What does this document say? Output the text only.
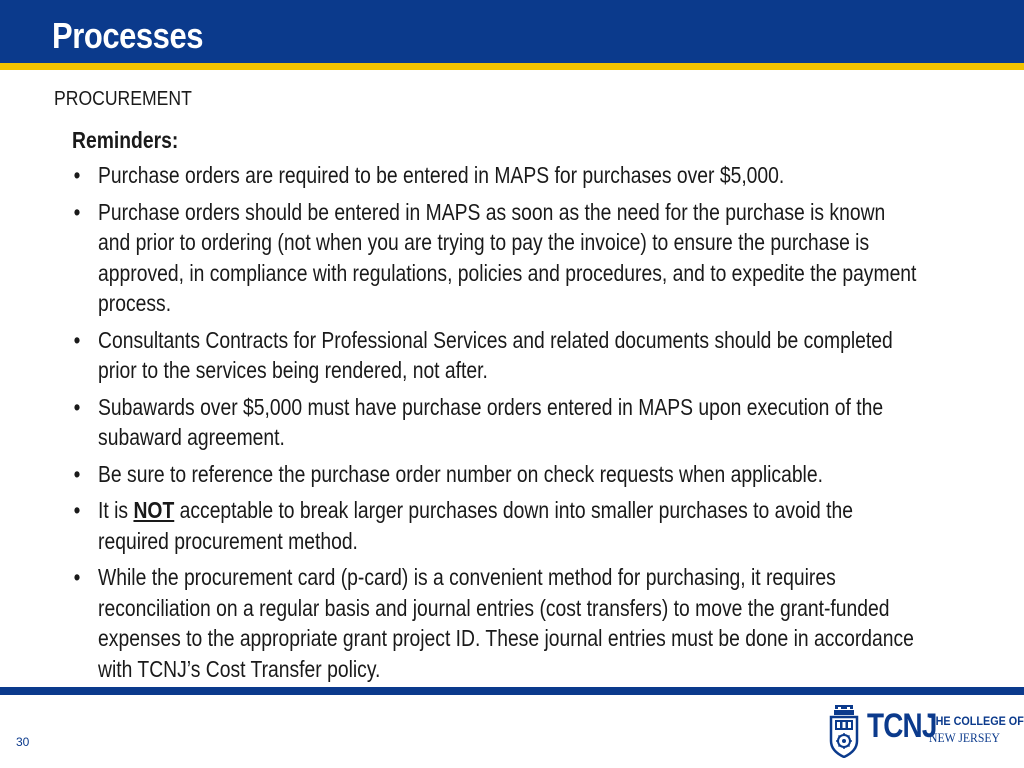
Processes
PROCUREMENT
Reminders:
• Purchase orders are required to be entered in MAPS for purchases over $5,000.
• Purchase orders should be entered in MAPS as soon as the need for the purchase is known and prior to ordering (not when you are trying to pay the invoice) to ensure the purchase is approved, in compliance with regulations, policies and procedures, and to expedite the payment process.
• Consultants Contracts for Professional Services and related documents should be completed prior to the services being rendered, not after.
• Subawards over $5,000 must have purchase orders entered in MAPS upon execution of the subaward agreement.
• Be sure to reference the purchase order number on check requests when applicable.
• It is NOT acceptable to break larger purchases down into smaller purchases to avoid the required procurement method.
• While the procurement card (p-card) is a convenient method for purchasing, it requires reconciliation on a regular basis and journal entries (cost transfers) to move the grant-funded expenses to the appropriate grant project ID. These journal entries must be done in accordance with TCNJ’s Cost Transfer policy.
30	TCNJ
THE COLLEGE OF
NEW JERSEY
